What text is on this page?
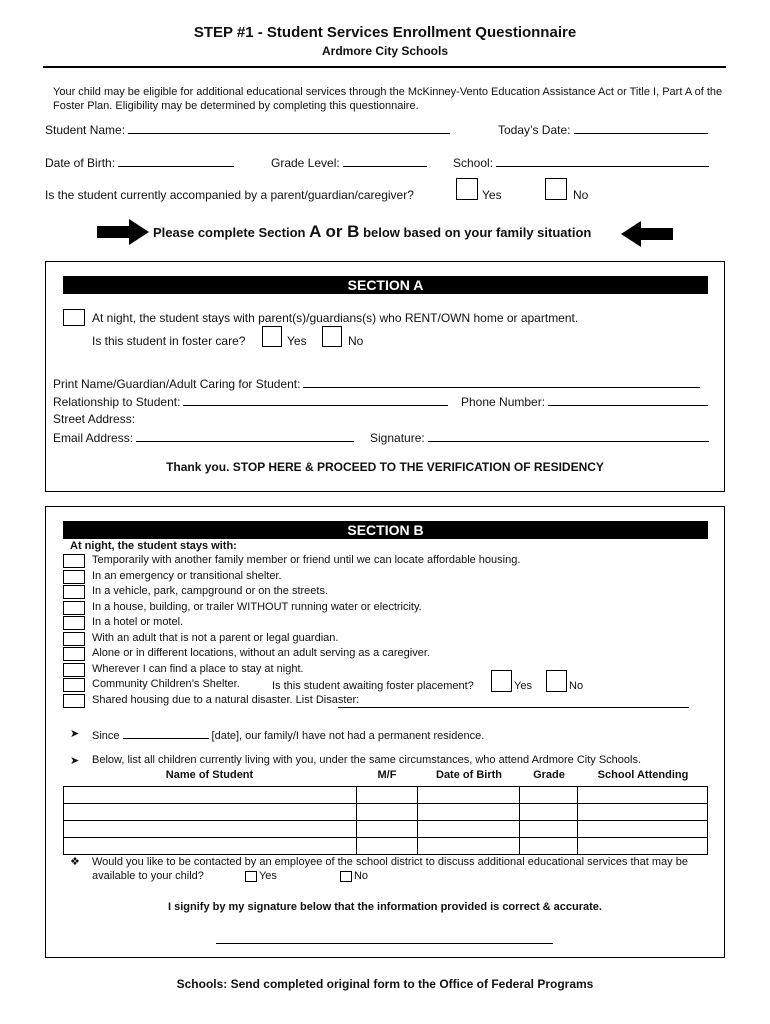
STEP #1 - Student Services Enrollment Questionnaire
Ardmore City Schools
Your child may be eligible for additional educational services through the McKinney-Vento Education Assistance Act or Title I, Part A of the Foster Plan. Eligibility may be determined by completing this questionnaire.
Student Name:	Today’s Date:
Date of Birth:	Grade Level:	School:
Is the student currently accompanied by a parent/guardian/caregiver?	Yes	No
Please complete Section A or B below based on your family situation
SECTION A
At night, the student stays with parent(s)/guardians(s) who RENT/OWN home or apartment.
Is this student in foster care?	Yes	No
Print Name/Guardian/Adult Caring for Student:
Relationship to Student:	Phone Number:
Street Address:
Email Address:	Signature:
Thank you. STOP HERE & PROCEED TO THE VERIFICATION OF RESIDENCY
SECTION B
At night, the student stays with:
Temporarily with another family member or friend until we can locate affordable housing.
In an emergency or transitional shelter.
In a vehicle, park, campground or on the streets.
In a house, building, or trailer WITHOUT running water or electricity.
In a hotel or motel.
With an adult that is not a parent or legal guardian.
Alone or in different locations, without an adult serving as a caregiver.
Wherever I can find a place to stay at night.
Community Children’s Shelter.
Shared housing due to a natural disaster. List Disaster:
Is this student awaiting foster placement?	Yes	No
➤ Since	[date], our family/I have not had a permanent residence.
➤ Below, list all children currently living with you, under the same circumstances, who attend Ardmore City Schools.
Name of Student	M/F	Date of Birth	Grade	School Attending

❖ Would you like to be contacted by an employee of the school district to discuss additional educational services that may be available to your child?	Yes	No
I signify by my signature below that the information provided is correct & accurate.
Schools: Send completed original form to the Office of Federal Programs
